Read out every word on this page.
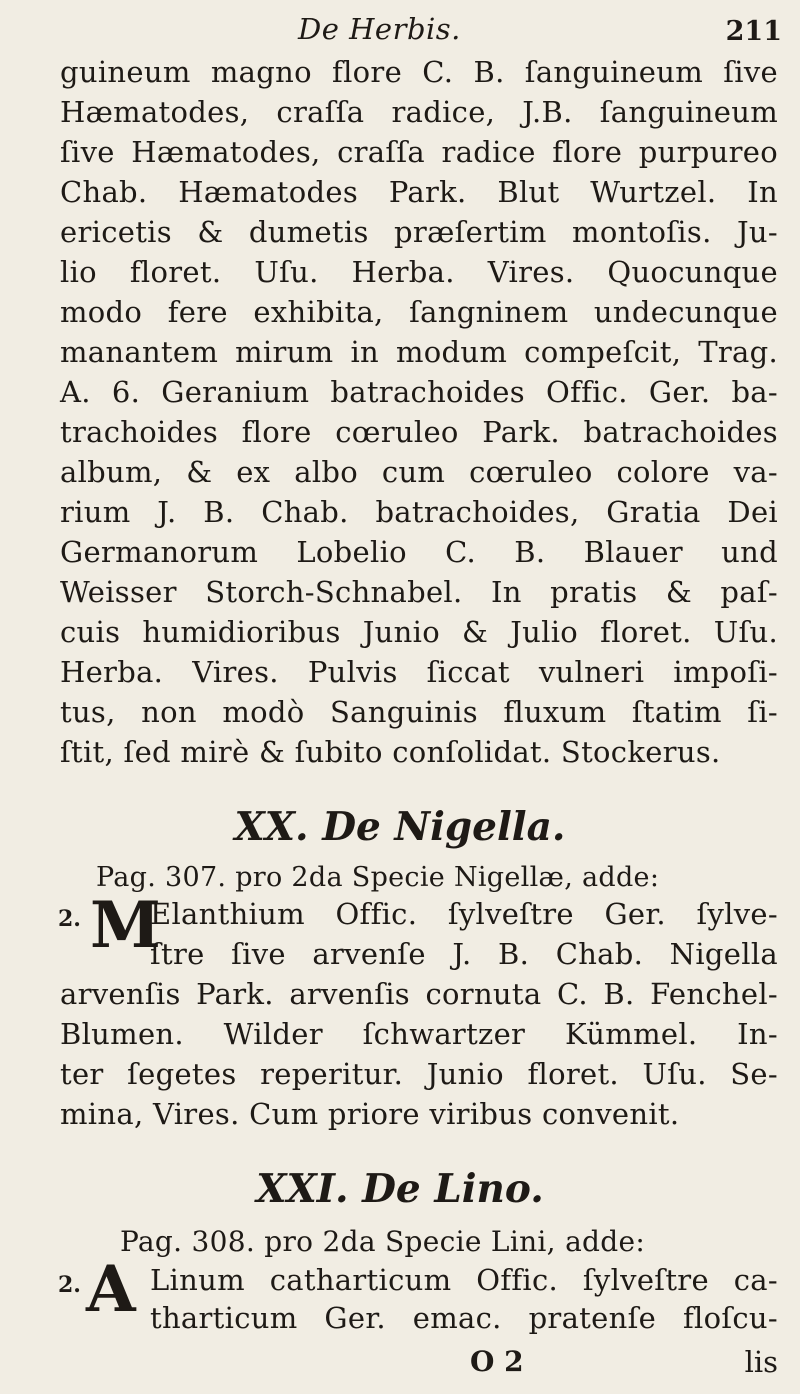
De Herbis.	211
guineum magno flore C. B. ſanguineum ſive
Hæmatodes, craſſa radice, J.B. ſanguineum
ſive Hæmatodes, craſſa radice flore purpureo
Chab. Hæmatodes Park. Blut Wurtzel. In
ericetis & dumetis præſertim montoſis. Ju-
lio floret. Uſu. Herba. Vires. Quocunque
modo fere exhibita, ſangninem undecunque
manantem mirum in modum compeſcit, Trag.
A. 6. Geranium batrachoides Offic. Ger. ba-
trachoides flore cœruleo Park. batrachoides
album, & ex albo cum cœruleo colore va-
rium J. B. Chab. batrachoides, Gratia Dei
Germanorum Lobelio C. B. Blauer und
Weisser Storch-Schnabel. In pratis & paſ-
cuis humidioribus Junio & Julio floret. Uſu.
Herba. Vires. Pulvis ſiccat vulneri impoſi-
tus, non modò Sanguinis fluxum ſtatim ſi-
ſtit, ſed mirè & ſubito conſolidat. Stockerus.
XX. De Nigella.
Pag. 307. pro 2da Specie Nigellæ, adde:
2. M
Elanthium Offic. ſylveſtre Ger. ſylve-
ſtre ſive arvenſe J. B. Chab. Nigella
arvenſis Park. arvenſis cornuta C. B. Fenchel-
Blumen. Wilder ſchwartzer Kümmel. In-
ter ſegetes reperitur. Junio floret. Uſu. Se-
mina, Vires. Cum priore viribus convenit.
XXI. De Lino.
Pag. 308. pro 2da Specie Lini, adde:
2. A Linum catharticum Offic. ſylveſtre ca-
tharticum Ger. emac. pratenſe floſcu-
O 2	lis
